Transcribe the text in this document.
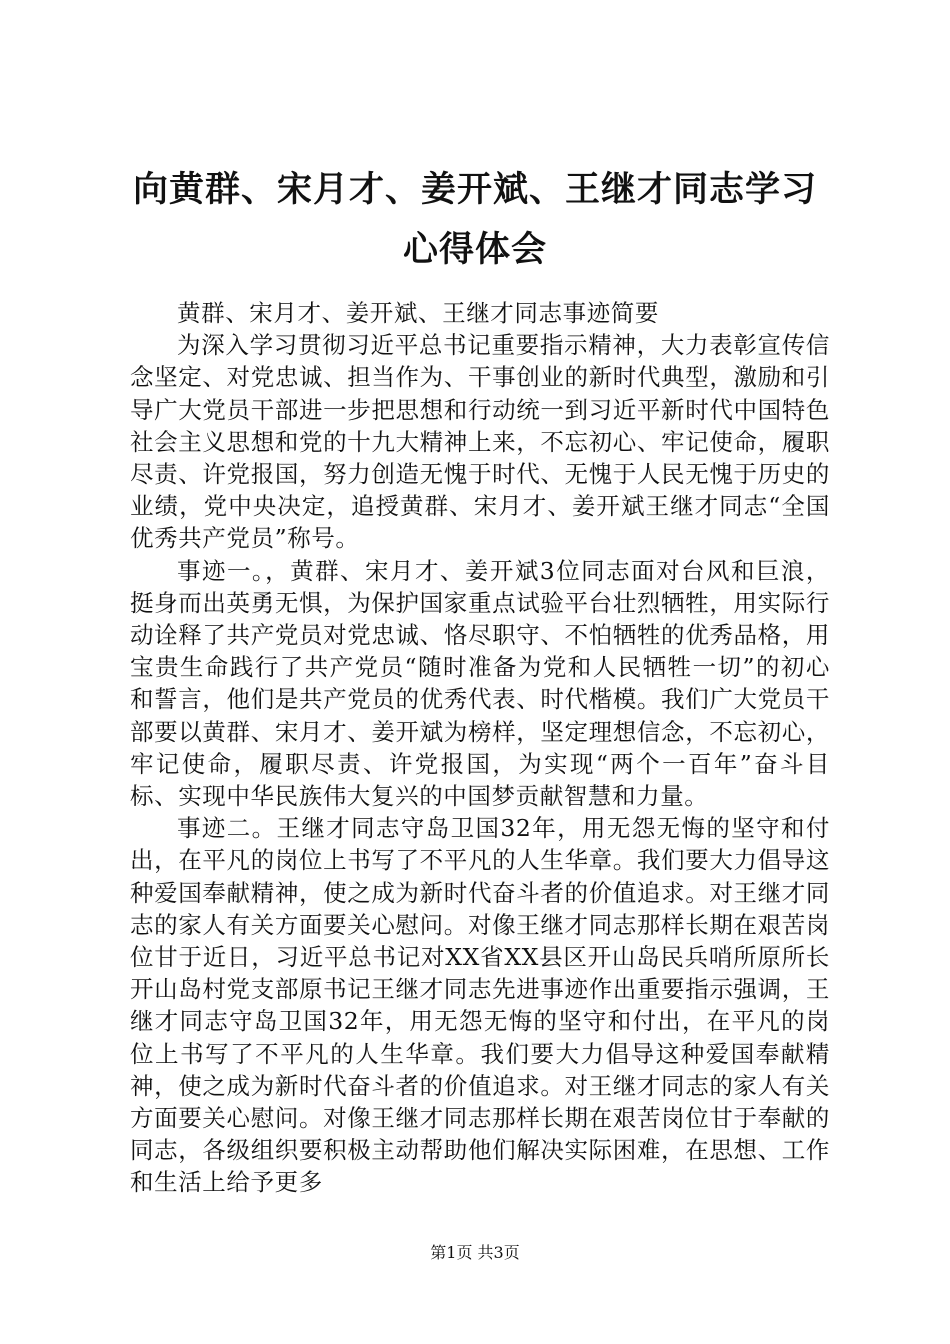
向黄群、宋月才、姜开斌、王继才同志学习心得体会

黄群、宋月才、姜开斌、王继才同志事迹简要

为深入学习贯彻习近平总书记重要指示精神，大力表彰宣传信念坚定、对党忠诚、担当作为、干事创业的新时代典型，激励和引导广大党员干部进一步把思想和行动统一到习近平新时代中国特色社会主义思想和党的十九大精神上来，不忘初心、牢记使命，履职尽责、许党报国，努力创造无愧于时代、无愧于人民无愧于历史的业绩，党中央决定，追授黄群、宋月才、姜开斌王继才同志“全国优秀共产党员”称号。

事迹一。，黄群、宋月才、姜开斌3位同志面对台风和巨浪，挺身而出英勇无惧，为保护国家重点试验平台壮烈牺牲，用实际行动诠释了共产党员对党忠诚、恪尽职守、不怕牺牲的优秀品格，用宝贵生命践行了共产党员“随时准备为党和人民牺牲一切”的初心和誓言，他们是共产党员的优秀代表、时代楷模。我们广大党员干部要以黄群、宋月才、姜开斌为榜样，坚定理想信念，不忘初心，牢记使命，履职尽责、许党报国，为实现“两个一百年”奋斗目标、实现中华民族伟大复兴的中国梦贡献智慧和力量。

事迹二。王继才同志守岛卫国32年，用无怨无悔的坚守和付出，在平凡的岗位上书写了不平凡的人生华章。我们要大力倡导这种爱国奉献精神，使之成为新时代奋斗者的价值追求。对王继才同志的家人有关方面要关心慰问。对像王继才同志那样长期在艰苦岗位甘于近日，习近平总书记对XX省XX县区开山岛民兵哨所原所长开山岛村党支部原书记王继才同志先进事迹作出重要指示强调，王继才同志守岛卫国32年，用无怨无悔的坚守和付出，在平凡的岗位上书写了不平凡的人生华章。我们要大力倡导这种爱国奉献精神，使之成为新时代奋斗者的价值追求。对王继才同志的家人有关方面要关心慰问。对像王继才同志那样长期在艰苦岗位甘于奉献的同志，各级组织要积极主动帮助他们解决实际困难，在思想、工作和生活上给予更多

第1页 共3页
